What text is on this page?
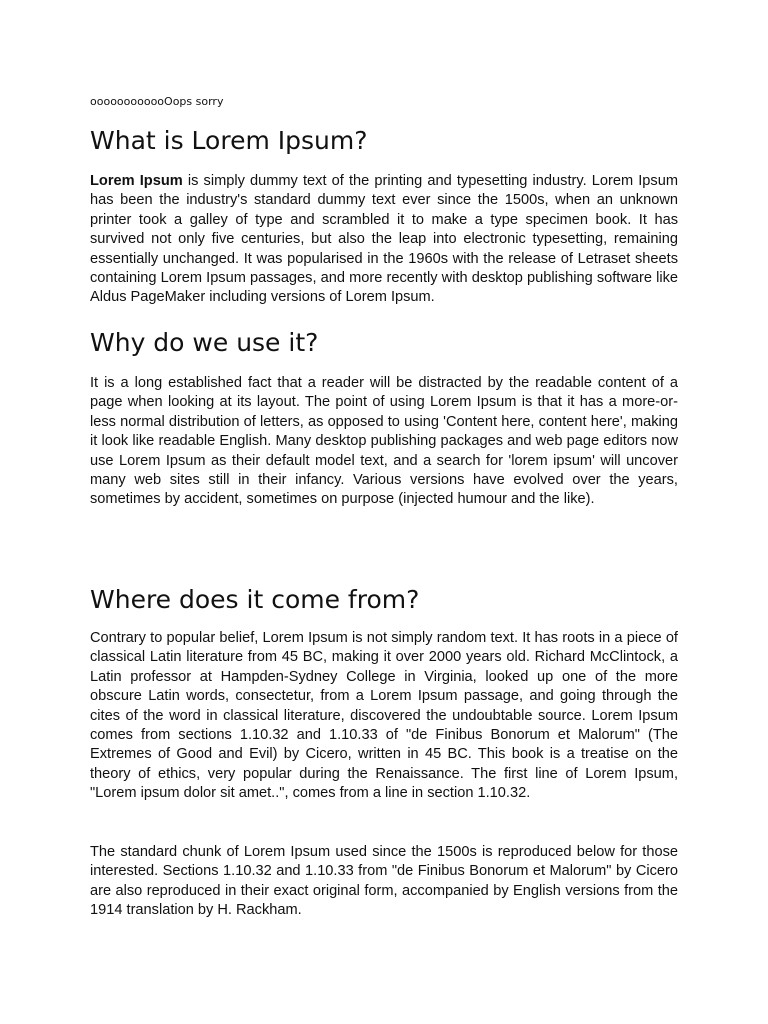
oooooooooooOops sorry
What is Lorem Ipsum?

Lorem Ipsum is simply dummy text of the printing and typesetting industry. Lorem Ipsum has been the industry's standard dummy text ever since the 1500s, when an unknown printer took a galley of type and scrambled it to make a type specimen book. It has survived not only five centuries, but also the leap into electronic typesetting, remaining essentially unchanged. It was popularised in the 1960s with the release of Letraset sheets containing Lorem Ipsum passages, and more recently with desktop publishing software like Aldus PageMaker including versions of Lorem Ipsum.

Why do we use it?

It is a long established fact that a reader will be distracted by the readable content of a page when looking at its layout. The point of using Lorem Ipsum is that it has a more-or-less normal distribution of letters, as opposed to using 'Content here, content here', making it look like readable English. Many desktop publishing packages and web page editors now use Lorem Ipsum as their default model text, and a search for 'lorem ipsum' will uncover many web sites still in their infancy. Various versions have evolved over the years, sometimes by accident, sometimes on purpose (injected humour and the like).

Where does it come from?

Contrary to popular belief, Lorem Ipsum is not simply random text. It has roots in a piece of classical Latin literature from 45 BC, making it over 2000 years old. Richard McClintock, a Latin professor at Hampden-Sydney College in Virginia, looked up one of the more obscure Latin words, consectetur, from a Lorem Ipsum passage, and going through the cites of the word in classical literature, discovered the undoubtable source. Lorem Ipsum comes from sections 1.10.32 and 1.10.33 of "de Finibus Bonorum et Malorum" (The Extremes of Good and Evil) by Cicero, written in 45 BC. This book is a treatise on the theory of ethics, very popular during the Renaissance. The first line of Lorem Ipsum, "Lorem ipsum dolor sit amet..", comes from a line in section 1.10.32.

The standard chunk of Lorem Ipsum used since the 1500s is reproduced below for those interested. Sections 1.10.32 and 1.10.33 from "de Finibus Bonorum et Malorum" by Cicero are also reproduced in their exact original form, accompanied by English versions from the 1914 translation by H. Rackham.
